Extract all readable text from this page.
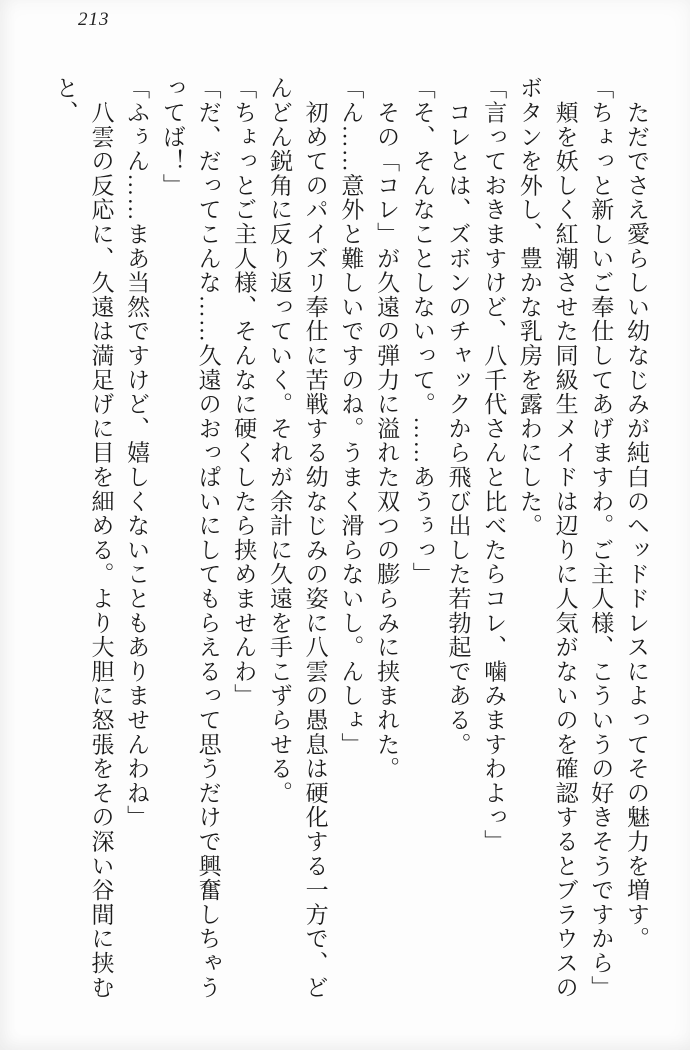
213

　ただでさえ愛らしい幼なじみが純白のヘッドドレスによってその魅力を増す。

「ちょっと新しいご奉仕してあげますわ。ご主人様、こういうの好きそうですから」

　頬を妖しく紅潮させた同級生メイドは辺りに人気がないのを確認するとブラウスの

ボタンを外し、豊かな乳房を露わにした。

「言っておきますけど、八千代さんと比べたらコレ、噛みますわよっ」

　コレとは、ズボンのチャックから飛び出した若勃起である。

「そ、そんなことしないって。……あうぅっ」

　その「コレ」が久遠の弾力に溢れた双つの膨らみに挟まれた。

「ん……意外と難しいですのね。うまく滑らないし。んしょ」

　初めてのパイズリ奉仕に苦戦する幼なじみの姿に八雲の愚息は硬化する一方で、ど

んどん鋭角に反り返っていく。それが余計に久遠を手こずらせる。

「ちょっとご主人様、そんなに硬くしたら挟めませんわ」

「だ、だってこんな……久遠のおっぱいにしてもらえるって思うだけで興奮しちゃう

ってば！」

「ふぅん……まあ当然ですけど、嬉しくないこともありませんわね」

　八雲の反応に、久遠は満足げに目を細める。より大胆に怒張をその深い谷間に挟む

と、
